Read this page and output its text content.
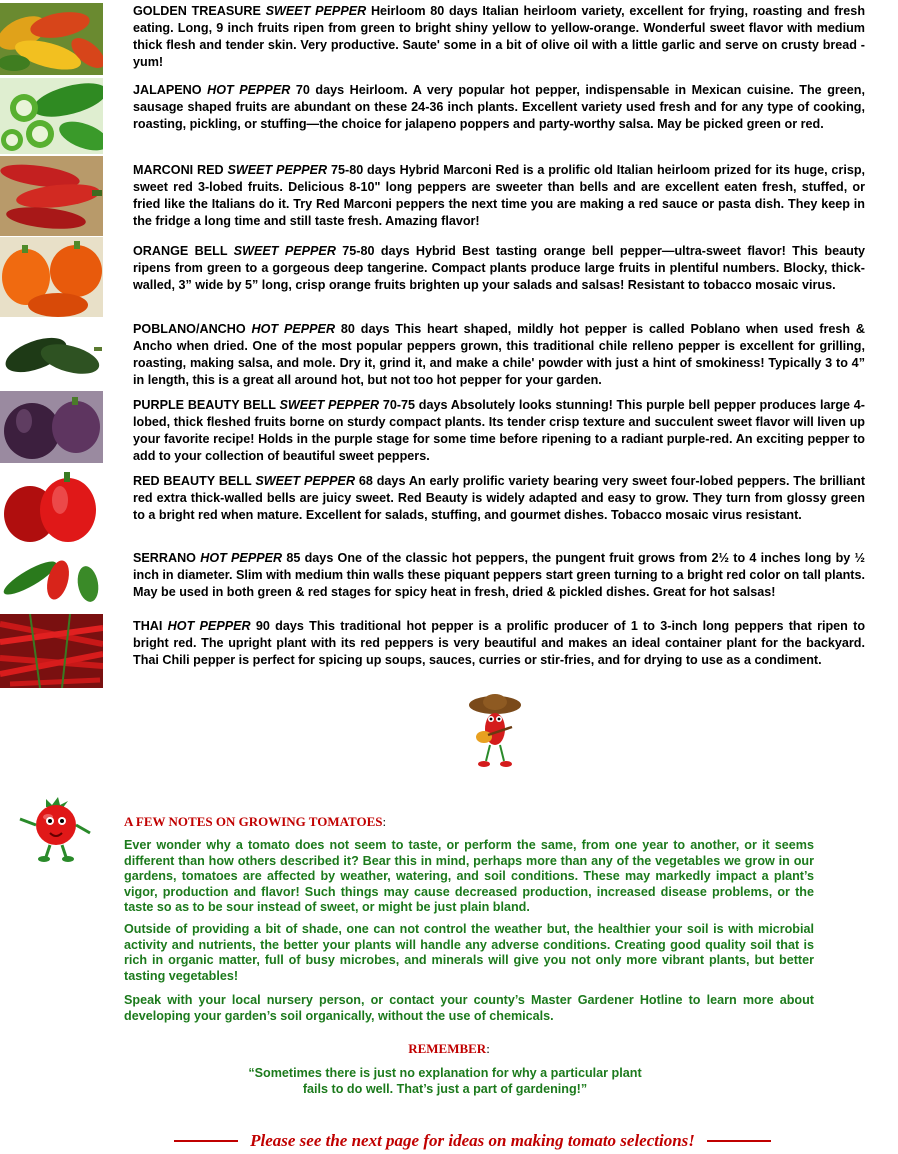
GOLDEN TREASURE SWEET PEPPER Heirloom 80 days Italian heirloom variety, excellent for frying, roasting and fresh eating. Long, 9 inch fruits ripen from green to bright shiny yellow to yellow-orange. Wonderful sweet flavor with medium thick flesh and tender skin. Very productive. Saute' some in a bit of olive oil with a little garlic and serve on crusty bread - yum!

JALAPENO HOT PEPPER 70 days Heirloom. A very popular hot pepper, indispensable in Mexican cuisine. The green, sausage shaped fruits are abundant on these 24-36 inch plants. Excellent variety used fresh and for any type of cooking, roasting, pickling, or stuffing—the choice for jalapeno poppers and party-worthy salsa. May be picked green or red.

MARCONI RED SWEET PEPPER 75-80 days Hybrid Marconi Red is a prolific old Italian heirloom prized for its huge, crisp, sweet red 3-lobed fruits. Delicious 8-10" long peppers are sweeter than bells and are excellent eaten fresh, stuffed, or fried like the Italians do it. Try Red Marconi peppers the next time you are making a red sauce or pasta dish. They keep in the fridge a long time and still taste fresh. Amazing flavor!

ORANGE BELL SWEET PEPPER 75-80 days Hybrid Best tasting orange bell pepper—ultra-sweet flavor! This beauty ripens from green to a gorgeous deep tangerine. Compact plants produce large fruits in plentiful numbers. Blocky, thick-walled, 3” wide by 5” long, crisp orange fruits brighten up your salads and salsas! Resistant to tobacco mosaic virus.

POBLANO/ANCHO HOT PEPPER 80 days This heart shaped, mildly hot pepper is called Poblano when used fresh & Ancho when dried. One of the most popular peppers grown, this traditional chile relleno pepper is excellent for grilling, roasting, making salsa, and mole. Dry it, grind it, and make a chile' powder with just a hint of smokiness! Typically 3 to 4” in length, this is a great all around hot, but not too hot pepper for your garden.

PURPLE BEAUTY BELL SWEET PEPPER 70-75 days Absolutely looks stunning! This purple bell pepper produces large 4-lobed, thick fleshed fruits borne on sturdy compact plants. Its tender crisp texture and succulent sweet flavor will liven up your favorite recipe! Holds in the purple stage for some time before ripening to a radiant purple-red. An exciting pepper to add to your collection of beautiful sweet peppers.

RED BEAUTY BELL SWEET PEPPER 68 days An early prolific variety bearing very sweet four-lobed peppers. The brilliant red extra thick-walled bells are juicy sweet. Red Beauty is widely adapted and easy to grow. They turn from glossy green to a bright red when mature. Excellent for salads, stuffing, and gourmet dishes. Tobacco mosaic virus resistant.

SERRANO HOT PEPPER 85 days One of the classic hot peppers, the pungent fruit grows from 2½ to 4 inches long by ½ inch in diameter. Slim with medium thin walls these piquant peppers start green turning to a bright red color on tall plants. May be used in both green & red stages for spicy heat in fresh, dried & pickled dishes. Great for hot salsas!

THAI HOT PEPPER 90 days This traditional hot pepper is a prolific producer of 1 to 3-inch long peppers that ripen to bright red. The upright plant with its red peppers is very beautiful and makes an ideal container plant for the backyard. Thai Chili pepper is perfect for spicing up soups, sauces, curries or stir-fries, and for drying to use as a condiment.

A FEW NOTES ON GROWING TOMATOES:

Ever wonder why a tomato does not seem to taste, or perform the same, from one year to another, or it seems different than how others described it? Bear this in mind, perhaps more than any of the vegetables we grow in our gardens, tomatoes are affected by weather, watering, and soil conditions. These may markedly impact a plant’s vigor, production and flavor! Such things may cause decreased production, increased disease problems, or the taste so as to be sour instead of sweet, or might be just plain bland.

Outside of providing a bit of shade, one can not control the weather but, the healthier your soil is with microbial activity and nutrients, the better your plants will handle any adverse conditions. Creating good quality soil that is rich in organic matter, full of busy microbes, and minerals will give you not only more vibrant plants, but better tasting vegetables!

Speak with your local nursery person, or contact your county’s Master Gardener Hotline to learn more about developing your garden’s soil organically, without the use of chemicals.

REMEMBER:

“Sometimes there is just no explanation for why a particular plant
fails to do well. That’s just a part of gardening!”

Please see the next page for ideas on making tomato selections!
